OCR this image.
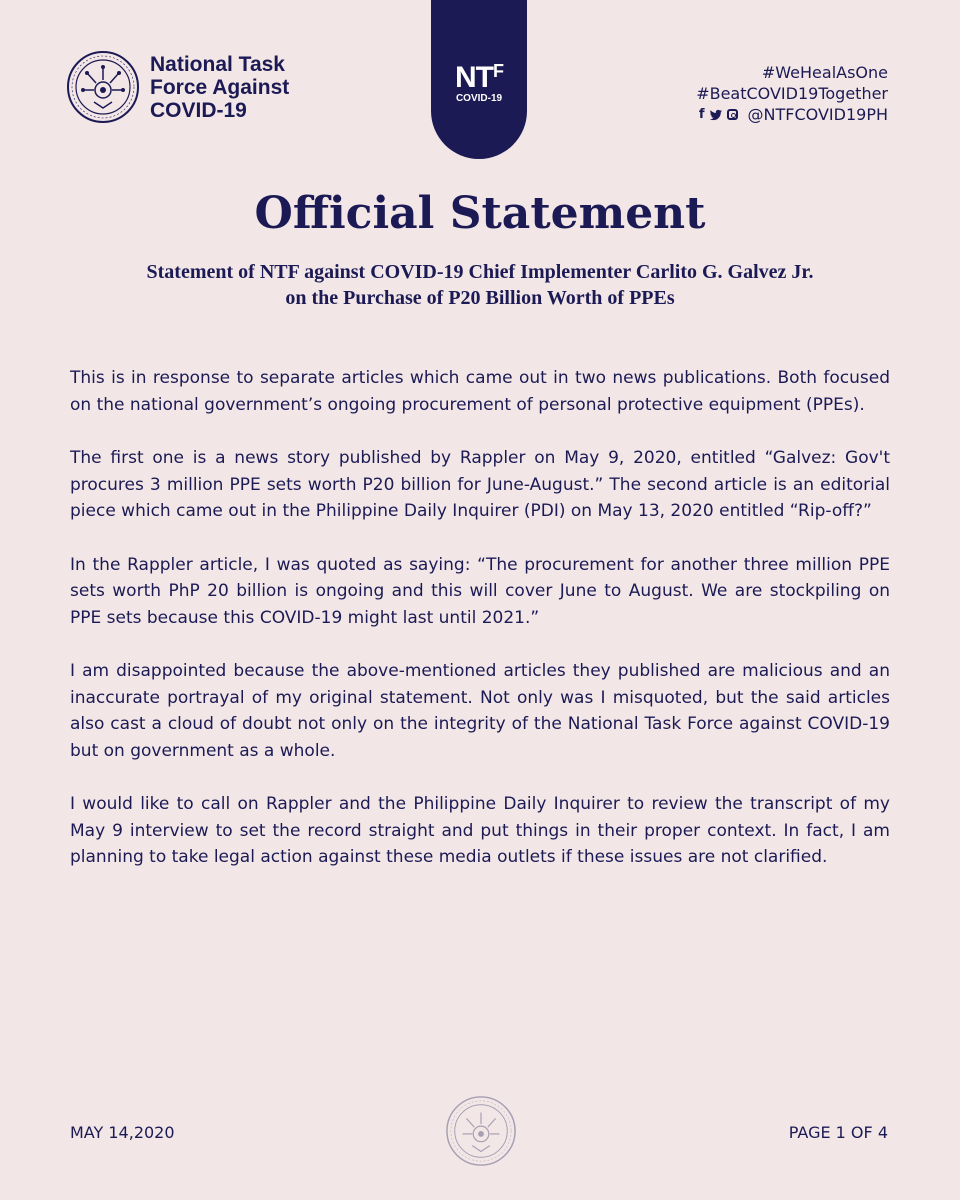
National Task
Force Against
COVID-19
$NT^F$
COVID-19
#WeHealAsOne
#BeatCOVID19Together
f	@NTFCOVID19PH
Official Statement
Statement of NTF against COVID-19 Chief Implementer Carlito G. Galvez Jr.
on the Purchase of P20 Billion Worth of PPEs

This is in response to separate articles which came out in two news publications. Both focused on the national government’s ongoing procurement of personal protective equipment (PPEs).

The first one is a news story published by Rappler on May 9, 2020, entitled “Galvez: Gov't procures 3 million PPE sets worth P20 billion for June-August.” The second article is an editorial piece which came out in the Philippine Daily Inquirer (PDI) on May 13, 2020 entitled “Rip-off?”

In the Rappler article, I was quoted as saying: “The procurement for another three million PPE sets worth PhP 20 billion is ongoing and this will cover June to August. We are stockpiling on PPE sets because this COVID-19 might last until 2021.”

I am disappointed because the above-mentioned articles they published are malicious and an inaccurate portrayal of my original statement. Not only was I misquoted, but the said articles also cast a cloud of doubt not only on the integrity of the National Task Force against COVID-19 but on government as a whole.

I would like to call on Rappler and the Philippine Daily Inquirer to review the transcript of my May 9 interview to set the record straight and put things in their proper context. In fact, I am planning to take legal action against these media outlets if these issues are not clarified.

MAY 14,2020	PAGE 1 OF 4
